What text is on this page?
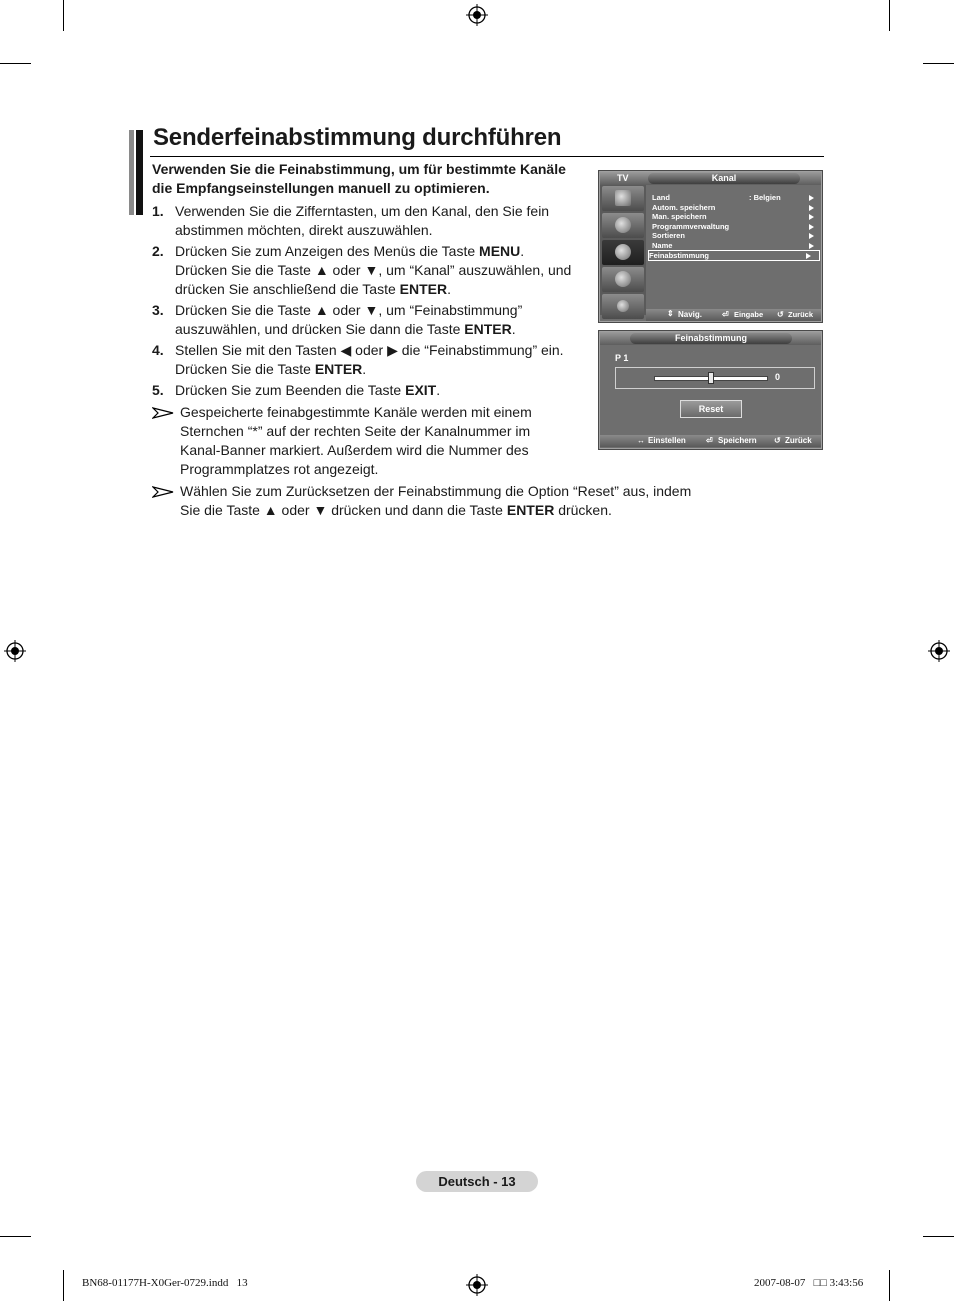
Senderfeinabstimmung durchführen
Verwenden Sie die Feinabstimmung, um für bestimmte Kanäle
die Empfangseinstellungen manuell zu optimieren.
1. Verwenden Sie die Zifferntasten, um den Kanal, den Sie fein
abstimmen möchten, direkt auszuwählen.
2. Drücken Sie zum Anzeigen des Menüs die Taste MENU.
Drücken Sie die Taste ▲ oder ▼, um “Kanal” auszuwählen, und
drücken Sie anschließend die Taste ENTER.
3. Drücken Sie die Taste ▲ oder ▼, um “Feinabstimmung”
auszuwählen, und drücken Sie dann die Taste ENTER.
4. Stellen Sie mit den Tasten ◀ oder ▶ die “Feinabstimmung” ein.
Drücken Sie die Taste ENTER.
5. Drücken Sie zum Beenden die Taste EXIT.
Gespeicherte feinabgestimmte Kanäle werden mit einem
Sternchen “*” auf der rechten Seite der Kanalnummer im
Kanal-Banner markiert. Außerdem wird die Nummer des
Programmplatzes rot angezeigt.
Wählen Sie zum Zurücksetzen der Feinabstimmung die Option “Reset” aus, indem
Sie die Taste ▲ oder ▼ drücken und dann die Taste ENTER drücken.
TV	Kanal
Land	: Belgien
Autom. speichern
Man. speichern
Programmverwaltung
Sortieren
Name
Feinabstimmung
⇕ Navig. ⏎ Eingabe ↺ Zurück
Feinabstimmung
P 1
0
Reset
↔ Einstellen	⏎ Speichern ↺ Zurück
Deutsch - 13
BN68-01177H-X0Ger-0729.indd   13	2007-08-07   □□ 3:43:56
